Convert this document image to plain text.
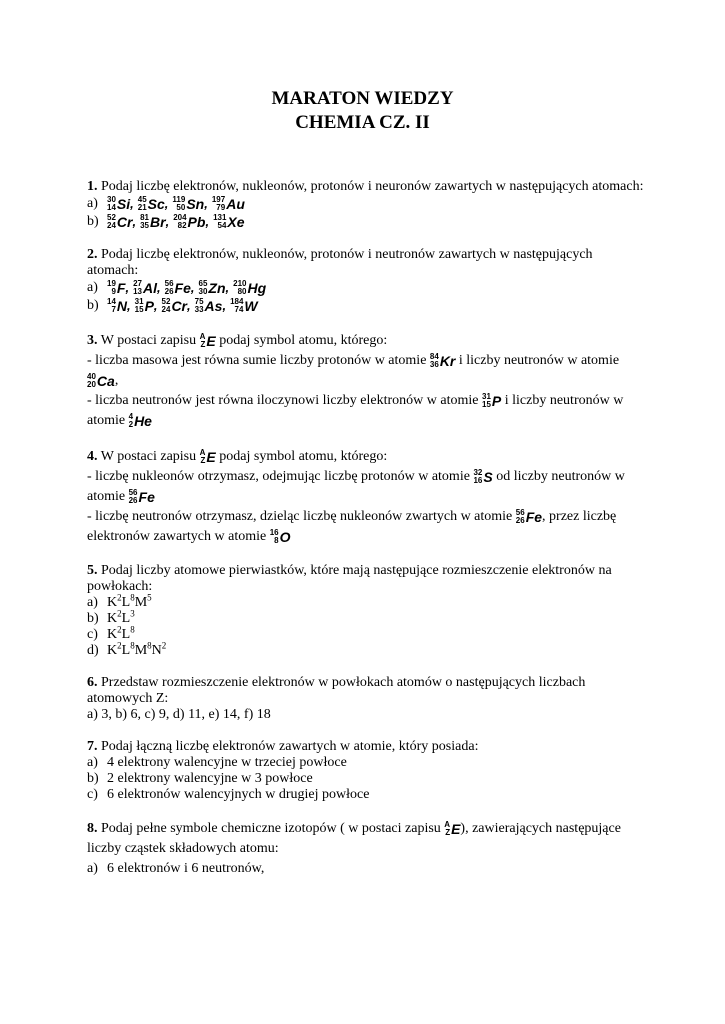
MARATON WIEDZY
CHEMIA CZ. II

1. Podaj liczbę elektronów, nukleonów, protonów i neuronów zawartych w następujących atomach:

a)	30
14 Si , 45
21 Sc , 119
50 Sn , 197
79 Au
b)	52
24 Cr , 81
35 Br , 204
82 Pb , 131
54 Xe

2. Podaj liczbę elektronów, nukleonów, protonów i neutronów zawartych w następujących atomach:

a)	19
9 F , 27
13 Al , 56
26 Fe , 65
30 Zn , 210
80 Hg
b)	14
7 N , 31
15 P , 52
24 Cr , 75
33 As , 184
74 W

3. W postaci zapisu A
Z E podaj symbol atomu, którego:

- liczba masowa jest równa sumie liczby protonów w atomie 84
36 Kr i liczby neutronów w atomie
40
20 Ca ,

- liczba neutronów jest równa iloczynowi liczby elektronów w atomie 31
15 P i liczby neutronów w atomie 4
2 He

4. W postaci zapisu A
Z E podaj symbol atomu, którego:

- liczbę nukleonów otrzymasz, odejmując liczbę protonów w atomie 32
16 S od liczby neutronów w atomie 56
26 Fe

- liczbę neutronów otrzymasz, dzieląc liczbę nukleonów zwartych w atomie 56
26 Fe , przez liczbę elektronów zawartych w atomie 16
8 O

5. Podaj liczby atomowe pierwiastków, które mają następujące rozmieszczenie elektronów na powłokach:

a) $K^2L^8M^5$
b) $K^2L^3$
c) $K^2L^8$
d) $K^2L^8M^8N^2$

6. Przedstaw rozmieszczenie elektronów w powłokach atomów o następujących liczbach atomowych Z:

a) 3, b) 6, c) 9, d) 11, e) 14, f) 18

7. Podaj łączną liczbę elektronów zawartych w atomie, który posiada:

a) 4 elektrony walencyjne w trzeciej powłoce
b) 2 elektrony walencyjne w 3 powłoce
c) 6 elektronów walencyjnych w drugiej powłoce

8. Podaj pełne symbole chemiczne izotopów ( w postaci zapisu A
Z E ), zawierających następujące liczby cząstek składowych atomu:

a) 6 elektronów i 6 neutronów,
